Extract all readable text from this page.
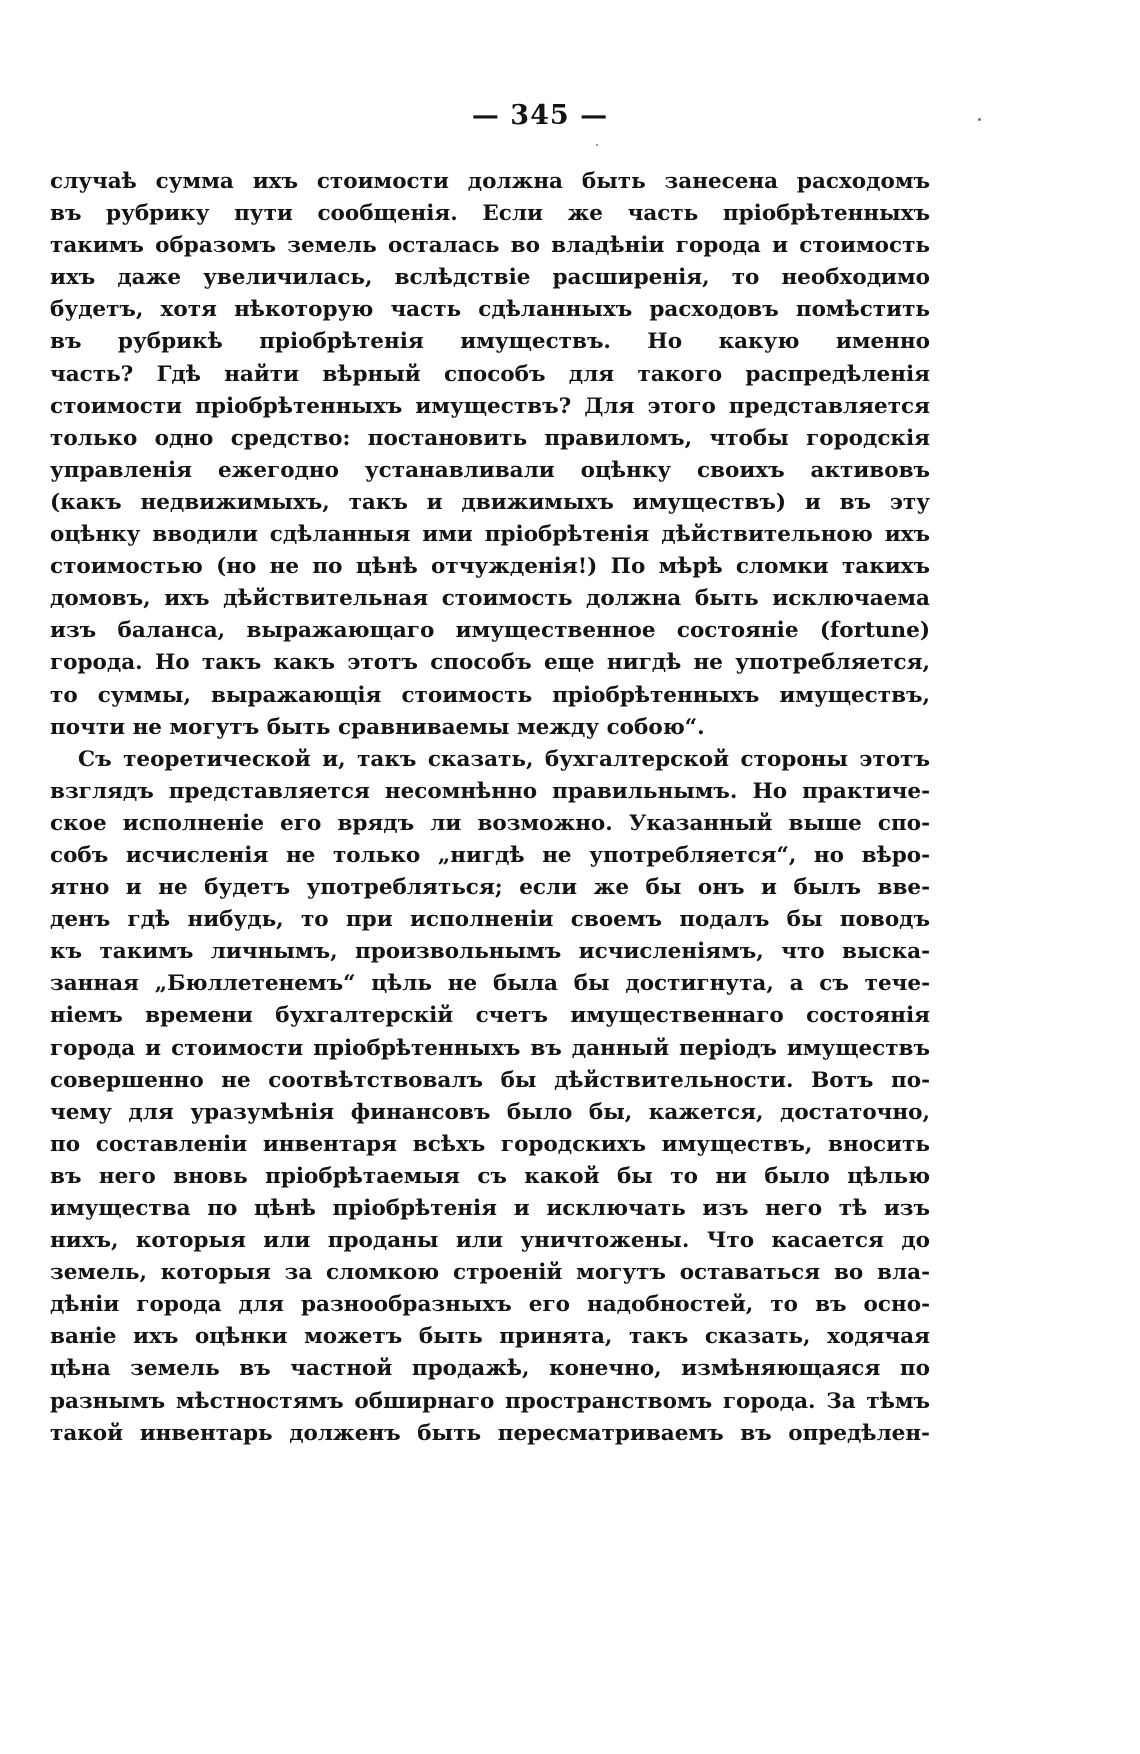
— 345 —
случаѣ сумма ихъ стоимости должна быть занесена расходомъ
въ рубрику пути сообщенія. Если же часть пріобрѣтенныхъ
такимъ образомъ земель осталась во владѣніи города и стоимость
ихъ даже увеличилась, вслѣдствіе расширенія, то необходимо
будетъ, хотя нѣкоторую часть сдѣланныхъ расходовъ помѣстить
въ рубрикѣ пріобрѣтенія имуществъ. Но какую именно
часть? Гдѣ найти вѣрный способъ для такого распредѣленія
стоимости пріобрѣтенныхъ имуществъ? Для этого представляется
только одно средство: постановить правиломъ, чтобы городскія
управленія ежегодно устанавливали оцѣнку своихъ активовъ
(какъ недвижимыхъ, такъ и движимыхъ имуществъ) и въ эту
оцѣнку вводили сдѣланныя ими пріобрѣтенія дѣйствительною ихъ
стоимостью (но не по цѣнѣ отчужденія!) По мѣрѣ сломки такихъ
домовъ, ихъ дѣйствительная стоимость должна быть исключаема
изъ баланса, выражающаго имущественное состояніе (fortune)
города. Но такъ какъ этотъ способъ еще нигдѣ не употребляется,
то суммы, выражающія стоимость пріобрѣтенныхъ имуществъ,
почти не могутъ быть сравниваемы между собою“.
Съ теоретической и, такъ сказать, бухгалтерской стороны этотъ
взглядъ представляется несомнѣнно правильнымъ. Но практиче-
ское исполненіе его врядъ ли возможно. Указанный выше спо-
собъ исчисленія не только „нигдѣ не употребляется“, но вѣро-
ятно и не будетъ употребляться; если же бы онъ и былъ вве-
денъ гдѣ нибудь, то при исполненіи своемъ подалъ бы поводъ
къ такимъ личнымъ, произвольнымъ исчисленіямъ, что выска-
занная „Бюллетенемъ“ цѣль не была бы достигнута, а съ тече-
ніемъ времени бухгалтерскій счетъ имущественнаго состоянія
города и стоимости пріобрѣтенныхъ въ данный періодъ имуществъ
совершенно не соотвѣтствовалъ бы дѣйствительности. Вотъ по-
чему для уразумѣнія финансовъ было бы, кажется, достаточно,
по составленіи инвентаря всѣхъ городскихъ имуществъ, вносить
въ него вновь пріобрѣтаемыя съ какой бы то ни было цѣлью
имущества по цѣнѣ пріобрѣтенія и исключать изъ него тѣ изъ
нихъ, которыя или проданы или уничтожены. Что касается до
земель, которыя за сломкою строеній могутъ оставаться во вла-
дѣніи города для разнообразныхъ его надобностей, то въ осно-
ваніе ихъ оцѣнки можетъ быть принята, такъ сказать, ходячая
цѣна земель въ частной продажѣ, конечно, измѣняющаяся по
разнымъ мѣстностямъ обширнаго пространствомъ города. За тѣмъ
такой инвентарь долженъ быть пересматриваемъ въ опредѣлен-
